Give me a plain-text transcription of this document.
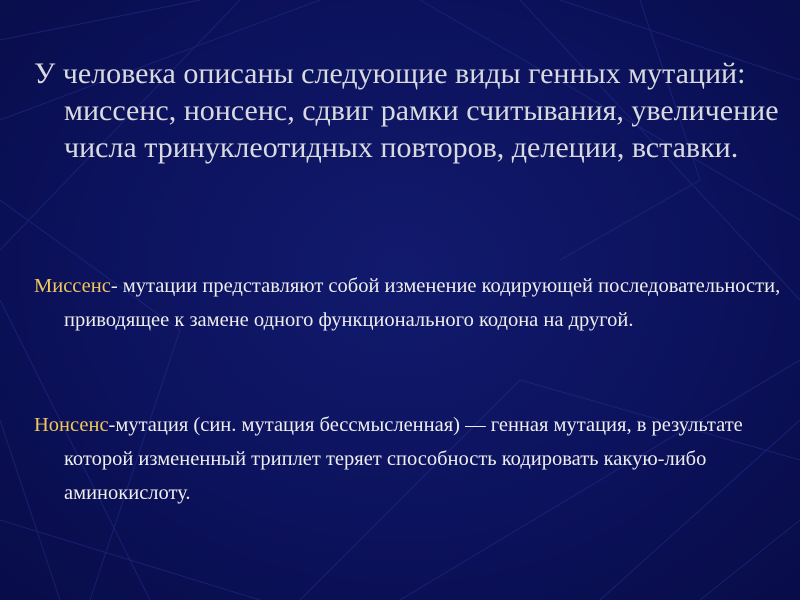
У человека описаны следующие виды генных мутаций: миссенс, нонсенс, сдвиг рамки считывания, увеличение числа тринуклеотидных повторов, делеции, вставки.

Миссенс- мутации представляют собой изменение кодирующей последовательности, приводящее к замене одного функционального кодона на другой.

Нонсенс-мутация (син. мутация бессмысленная) — генная мутация, в результате которой измененный триплет теряет способность кодировать какую-либо аминокислоту.
